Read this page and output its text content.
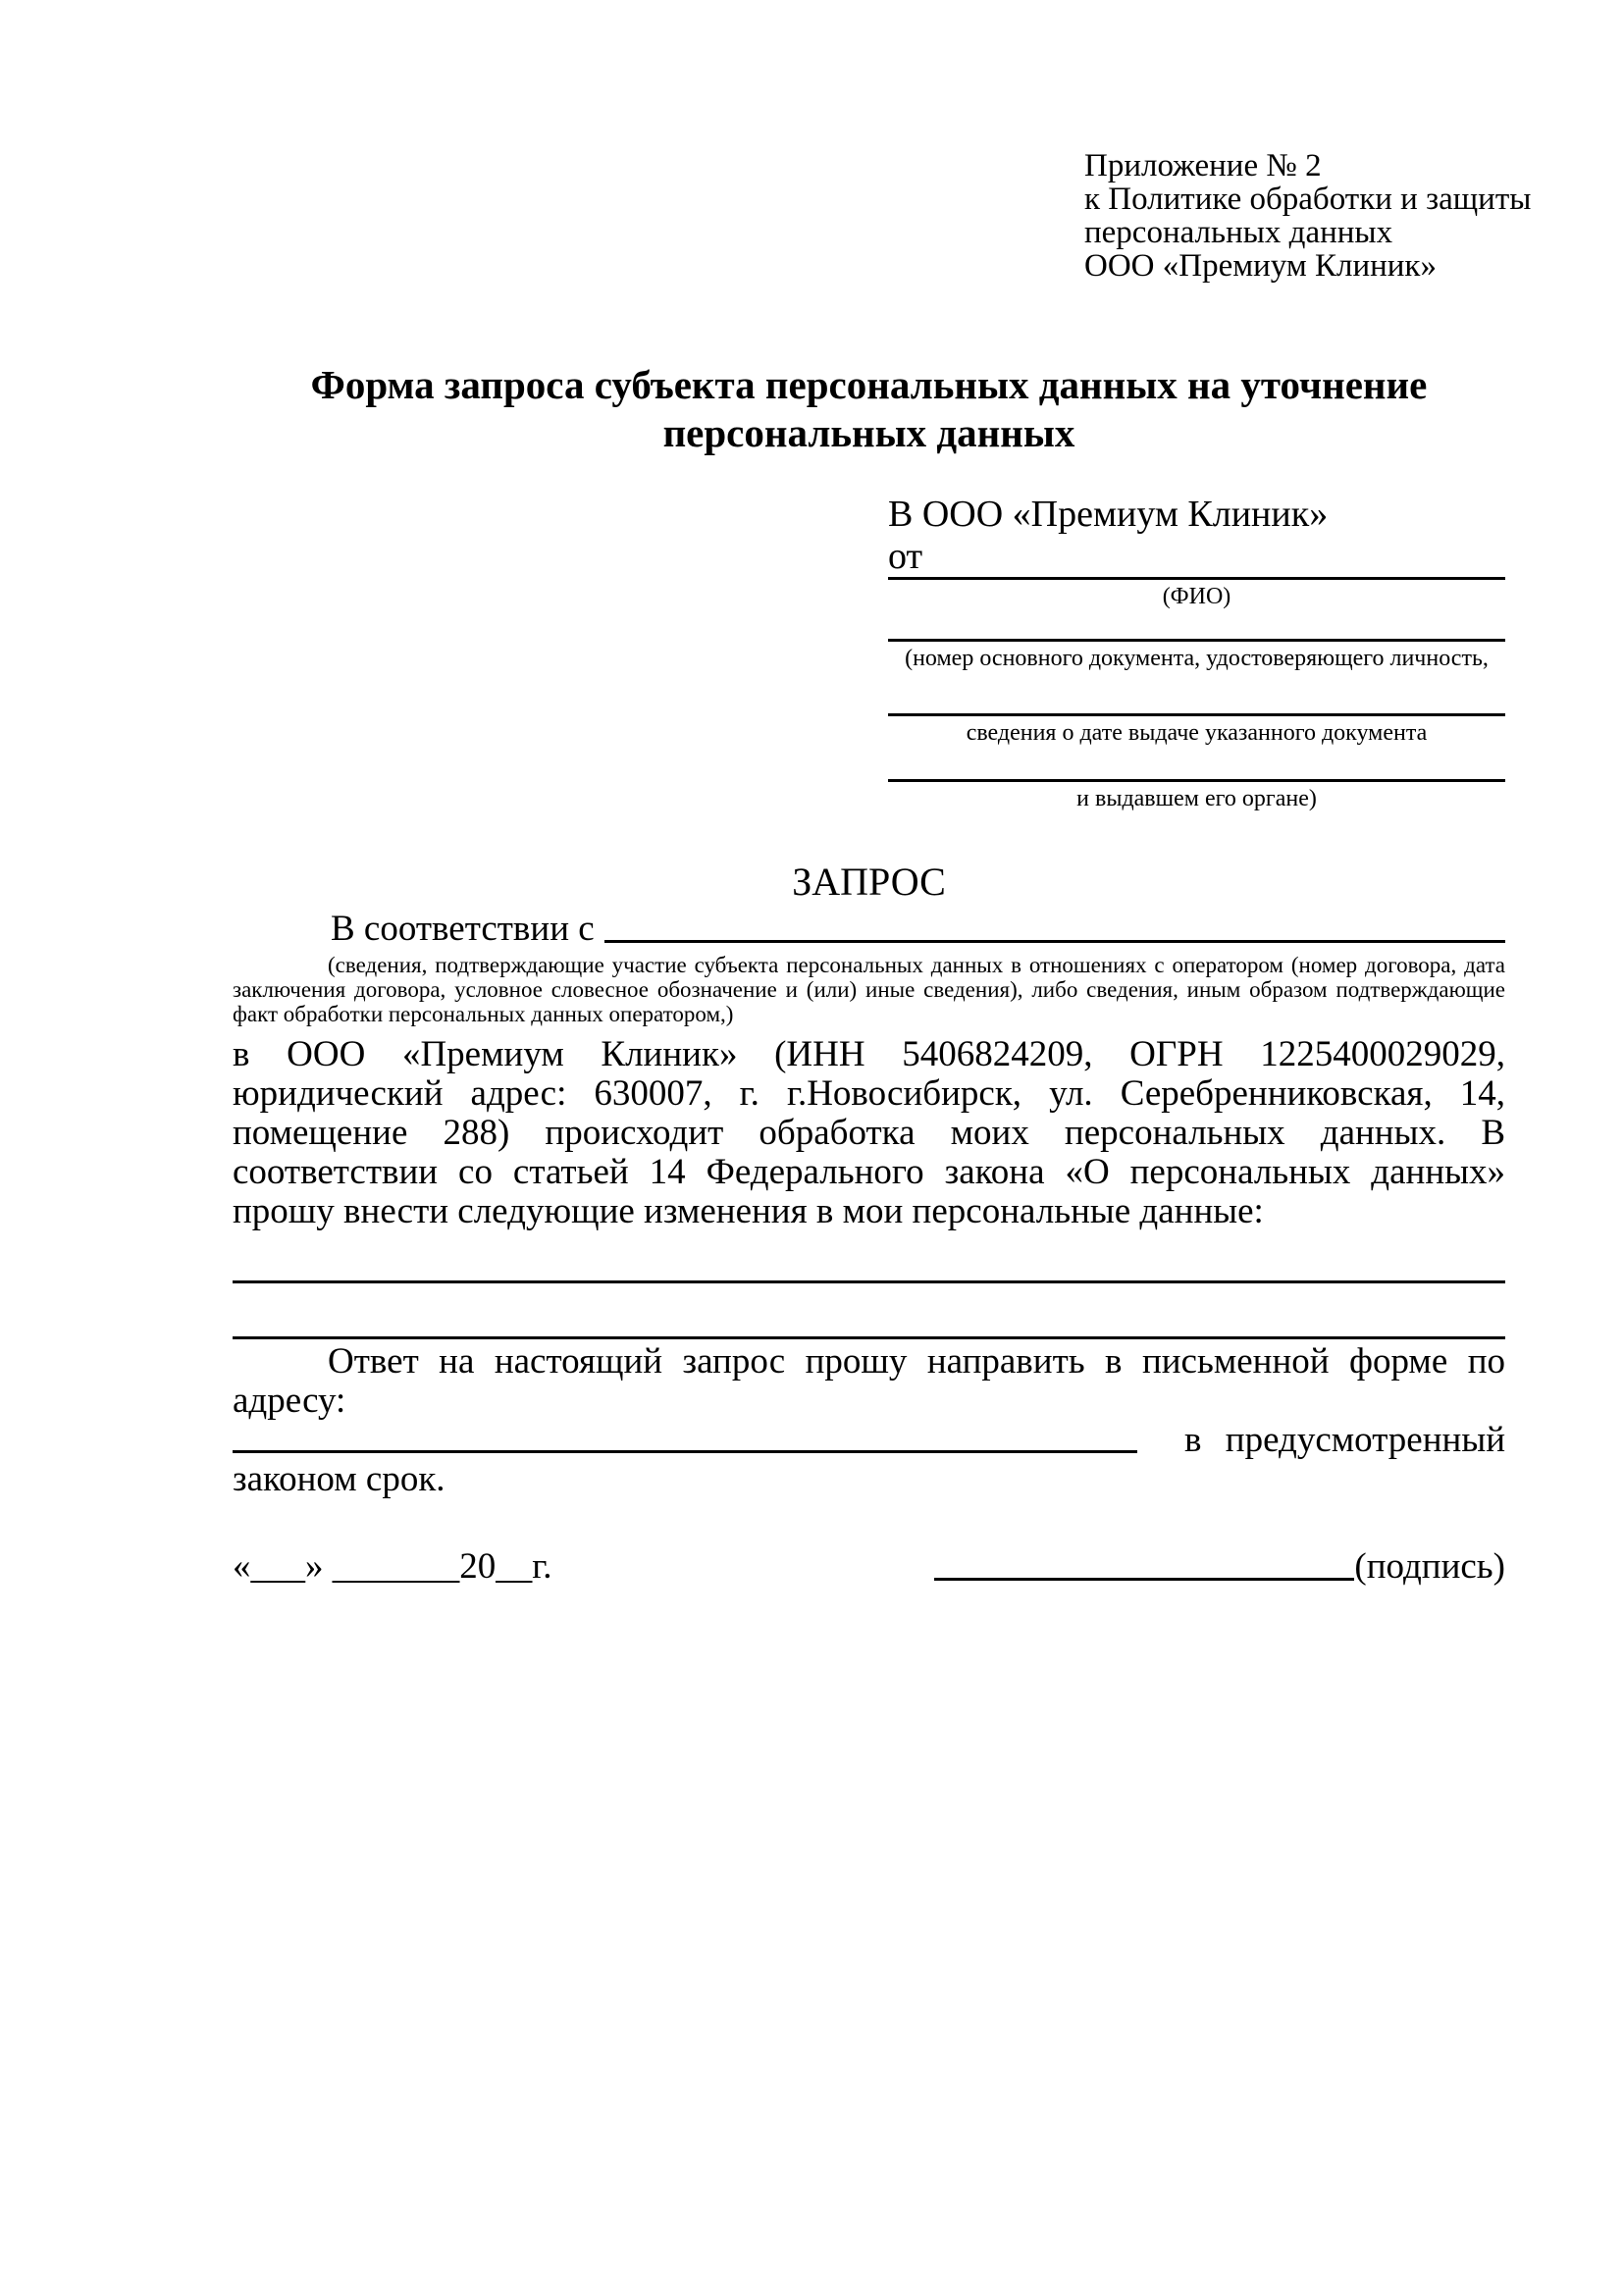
Приложение № 2
к Политике обработки и защиты
персональных данных
ООО «Премиум Клиник»
Форма запроса субъекта персональных данных на уточнение персональных данных
В ООО «Премиум Клиник»
от
(ФИО)
(номер основного документа, удостоверяющего личность,
сведения о дате выдаче указанного документа
и выдавшем его органе)
ЗАПРОС
В соответствии с
(сведения, подтверждающие участие субъекта персональных данных в отношениях с оператором (номер договора, дата заключения договора, условное словесное обозначение и (или) иные сведения), либо сведения, иным образом подтверждающие факт обработки персональных данных оператором,)
в ООО «Премиум Клиник» (ИНН 5406824209, ОГРН 1225400029029, юридический адрес: 630007, г. г.Новосибирск, ул. Серебренниковская, 14, помещение 288) происходит обработка моих персональных данных. В соответствии со статьей 14 Федерального закона «О персональных данных» прошу внести следующие изменения в мои персональные данные:
Ответ на настоящий запрос прошу направить в письменной форме по адресу:
в предусмотренный
законом срок.
«___» _______20__г.	(подпись)
